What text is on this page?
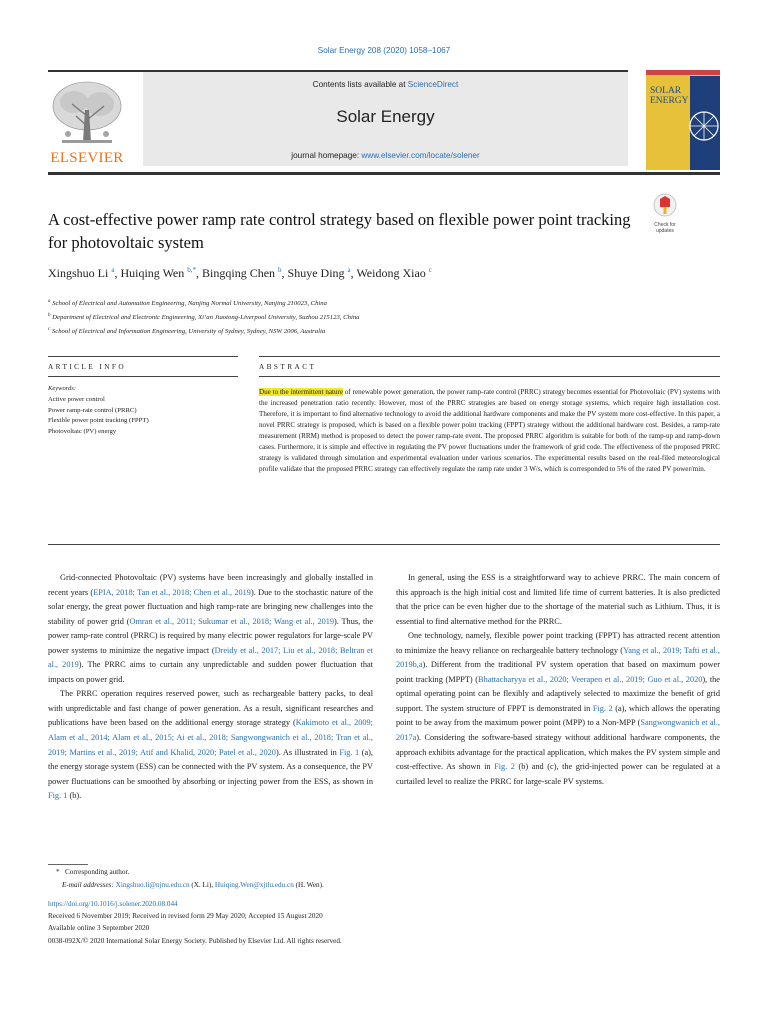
Solar Energy 208 (2020) 1058–1067
Contents lists available at ScienceDirect
Solar Energy
journal homepage: www.elsevier.com/locate/solener
ELSEVIER
SOLAR ENERGY
A cost-effective power ramp rate control strategy based on flexible power point tracking for photovoltaic system
Check for
updates
Xingshuo Li $^a$, Huiqing Wen $^{b,*}$, Bingqing Chen $^b$, Shuye Ding $^a$, Weidong Xiao $^c$
$^a$ School of Electrical and Automation Engineering, Nanjing Normal University, Nanjing 210023, China
$^b$ Department of Electrical and Electronic Engineering, Xi’an Jiaotong-Liverpool University, Suzhou 215123, China
$^c$ School of Electrical and Information Engineering, University of Sydney, Sydney, NSW 2006, Australia
ARTICLE INFO	ABSTRACT
Keywords:
Active power control
Power ramp-rate control (PRRC)
Flexible power point tracking (FPPT)
Photovoltaic (PV) energy
Due to the intermittent nature of renewable power generation, the power ramp-rate control (PRRC) strategy becomes essential for Photovoltaic (PV) systems with the increased penetration ratio recently. However, most of the PRRC strategies are based on energy storage systems, which require high installation cost. Therefore, it is important to find alternative technology to avoid the additional hardware components and make the PV system more cost-effective. In this paper, a novel PRRC strategy is proposed, which is based on a flexible power point tracking (FPPT) strategy without the additional hardware cost. Besides, a ramp-rate measurement (RRM) method is proposed to detect the power ramp-rate event. The proposed PRRC algorithm is suitable for both of the ramp-up and ramp-down cases. Furthermore, it is simple and effective in regulating the PV power fluctuations under the framework of grid code. The effectiveness of the proposed PRRC strategy is validated through simulation and experimental evaluation under various scenarios. The experimental results based on the real-filed meteorological profile validate that the proposed PRRC strategy can effectively regulate the ramp rate under 3 W/s, which is corresponded to 5% of the rated PV power/min.

Grid-connected Photovoltaic (PV) systems have been increasingly and globally installed in recent years (EPIA, 2018; Tan et al., 2018; Chen et al., 2019). Due to the stochastic nature of the solar energy, the great power fluctuation and high ramp-rate are bringing new challenges into the stability of power grid (Omran et al., 2011; Sukumar et al., 2018; Wang et al., 2019). Thus, the power ramp-rate control (PRRC) is required by many electric power regulators for large-scale PV power systems to minimize the negative impact (Dreidy et al., 2017; Liu et al., 2018; Beltran et al., 2019). The PRRC aims to curtain any unpredictable and sudden power fluctuation that impacts on power grid.

The PRRC operation requires reserved power, such as rechargeable battery packs, to deal with unpredictable and fast change of power generation. As a result, significant researches and publications have been based on the additional energy storage strategy (Kakimoto et al., 2009; Alam et al., 2014; Alam et al., 2015; Ai et al., 2018; Sangwongwanich et al., 2018; Tran et al., 2019; Martins et al., 2019; Atif and Khalid, 2020; Patel et al., 2020). As illustrated in Fig. 1 (a), the energy storage system (ESS) can be connected with the PV system. As a consequence, the PV power fluctuations can be smoothed by absorbing or injecting power from the ESS, as shown in Fig. 1 (b).

In general, using the ESS is a straightforward way to achieve PRRC. The main concern of this approach is the high initial cost and limited life time of current batteries. It is also predicted that the price can be even higher due to the shortage of the material such as Lithium. Thus, it is essential to find alternative method for the PRRC.

One technology, namely, flexible power point tracking (FPPT) has attracted recent attention to minimize the heavy reliance on rechargeable battery technology (Yang et al., 2019; Tafti et al., 2019b,a). Different from the traditional PV system operation that based on maximum power point tracking (MPPT) (Bhattacharyya et al., 2020; Veerapen et al., 2019; Guo et al., 2020), the optimal operating point can be flexibly and adaptively selected to maximize the benefit of grid support. The system structure of FPPT is demonstrated in Fig. 2 (a), which allows the operating point to be away from the maximum power point (MPP) to a Non-MPP (Sangwongwanich et al., 2017a). Considering the software-based strategy without additional hardware components, the approach exhibits advantage for the practical application, which makes the PV system simple and cost-effective. As shown in Fig. 2 (b) and (c), the grid-injected power can be regulated at a curtailed level to realize the PRRC for large-scale PV systems.

* Corresponding author.
E-mail addresses: Xingshuo.li@njnu.edu.cn (X. Li), Huiqing.Wen@xjtlu.edu.cn (H. Wen).
https://doi.org/10.1016/j.solener.2020.08.044
Received 6 November 2019; Received in revised form 29 May 2020; Accepted 15 August 2020
Available online 3 September 2020
0038-092X/© 2020 International Solar Energy Society. Published by Elsevier Ltd. All rights reserved.
